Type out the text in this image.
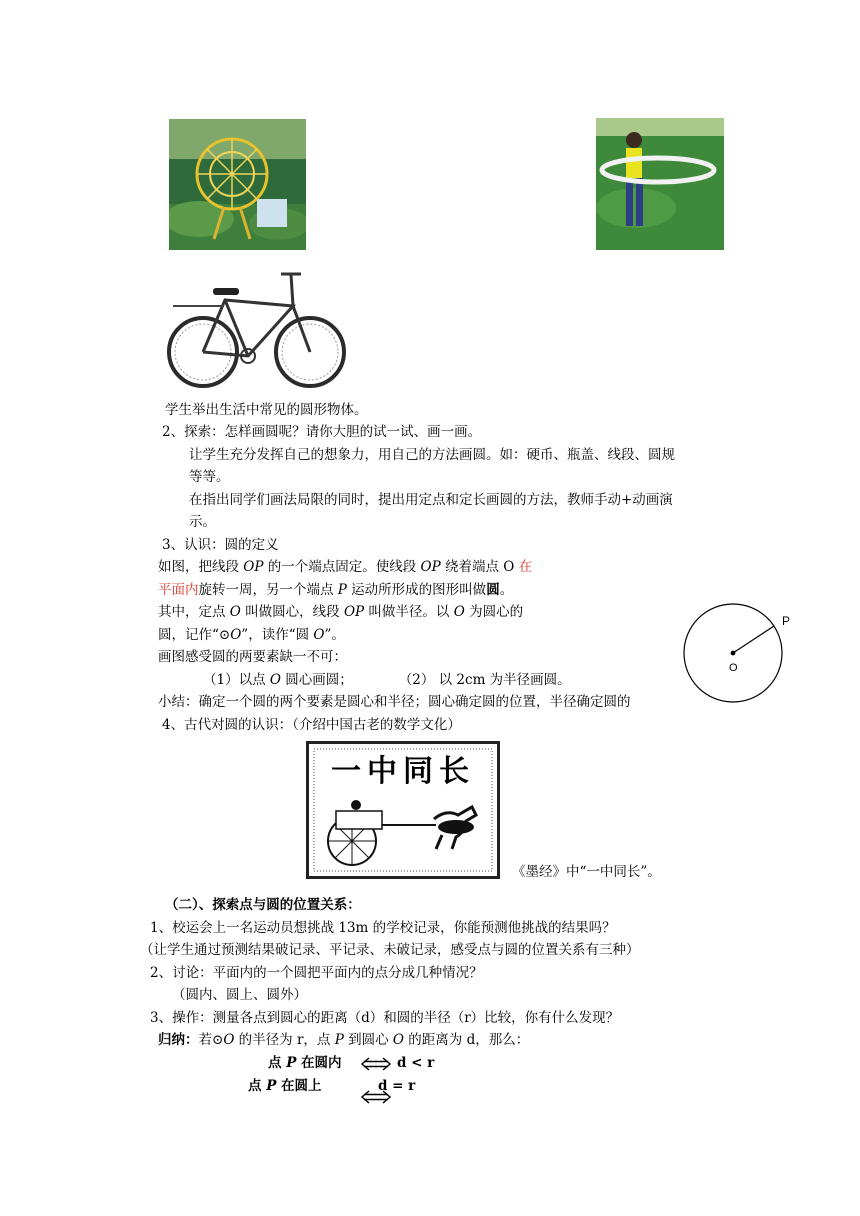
学生举出生活中常见的圆形物体。
2、探索：怎样画圆呢？请你大胆的试一试、画一画。
让学生充分发挥自己的想象力，用自己的方法画圆。如：硬币、瓶盖、线段、圆规
等等。
在指出同学们画法局限的同时，提出用定点和定长画圆的方法，教师手动+动画演
示。
3、认识：圆的定义
如图，把线段 OP 的一个端点固定。使线段 OP 绕着端点 O 在
平面内旋转一周，另一个端点 P 运动所形成的图形叫做圆。
其中，定点 O 叫做圆心，线段 OP 叫做半径。以 O 为圆心的
圆，记作“⊙O”，读作“圆 O”。
画图感受圆的两要素缺一不可：
（1）以点 O 圆心画圆；	（2） 以 2cm 为半径画圆。
小结：确定一个圆的两个要素是圆心和半径；圆心确定圆的位置，半径确定圆的
P
O
4、古代对圆的认识：（介绍中国古老的数学文化）
一中同长
《墨经》中“一中同长”。
（二）、探索点与圆的位置关系：
1、校运会上一名运动员想挑战 13m 的学校记录，你能预测他挑战的结果吗？
（让学生通过预测结果破记录、平记录、未破记录，感受点与圆的位置关系有三种）
2、讨论：平面内的一个圆把平面内的点分成几种情况？
（圆内、圆上、圆外）
3、操作：测量各点到圆心的距离（d）和圆的半径（r）比较，你有什么发现？
归纳：若⊙O 的半径为 r，点 P 到圆心 O 的距离为 d，那么：
点 P 在圆内	d < r
点 P 在圆上	d = r
